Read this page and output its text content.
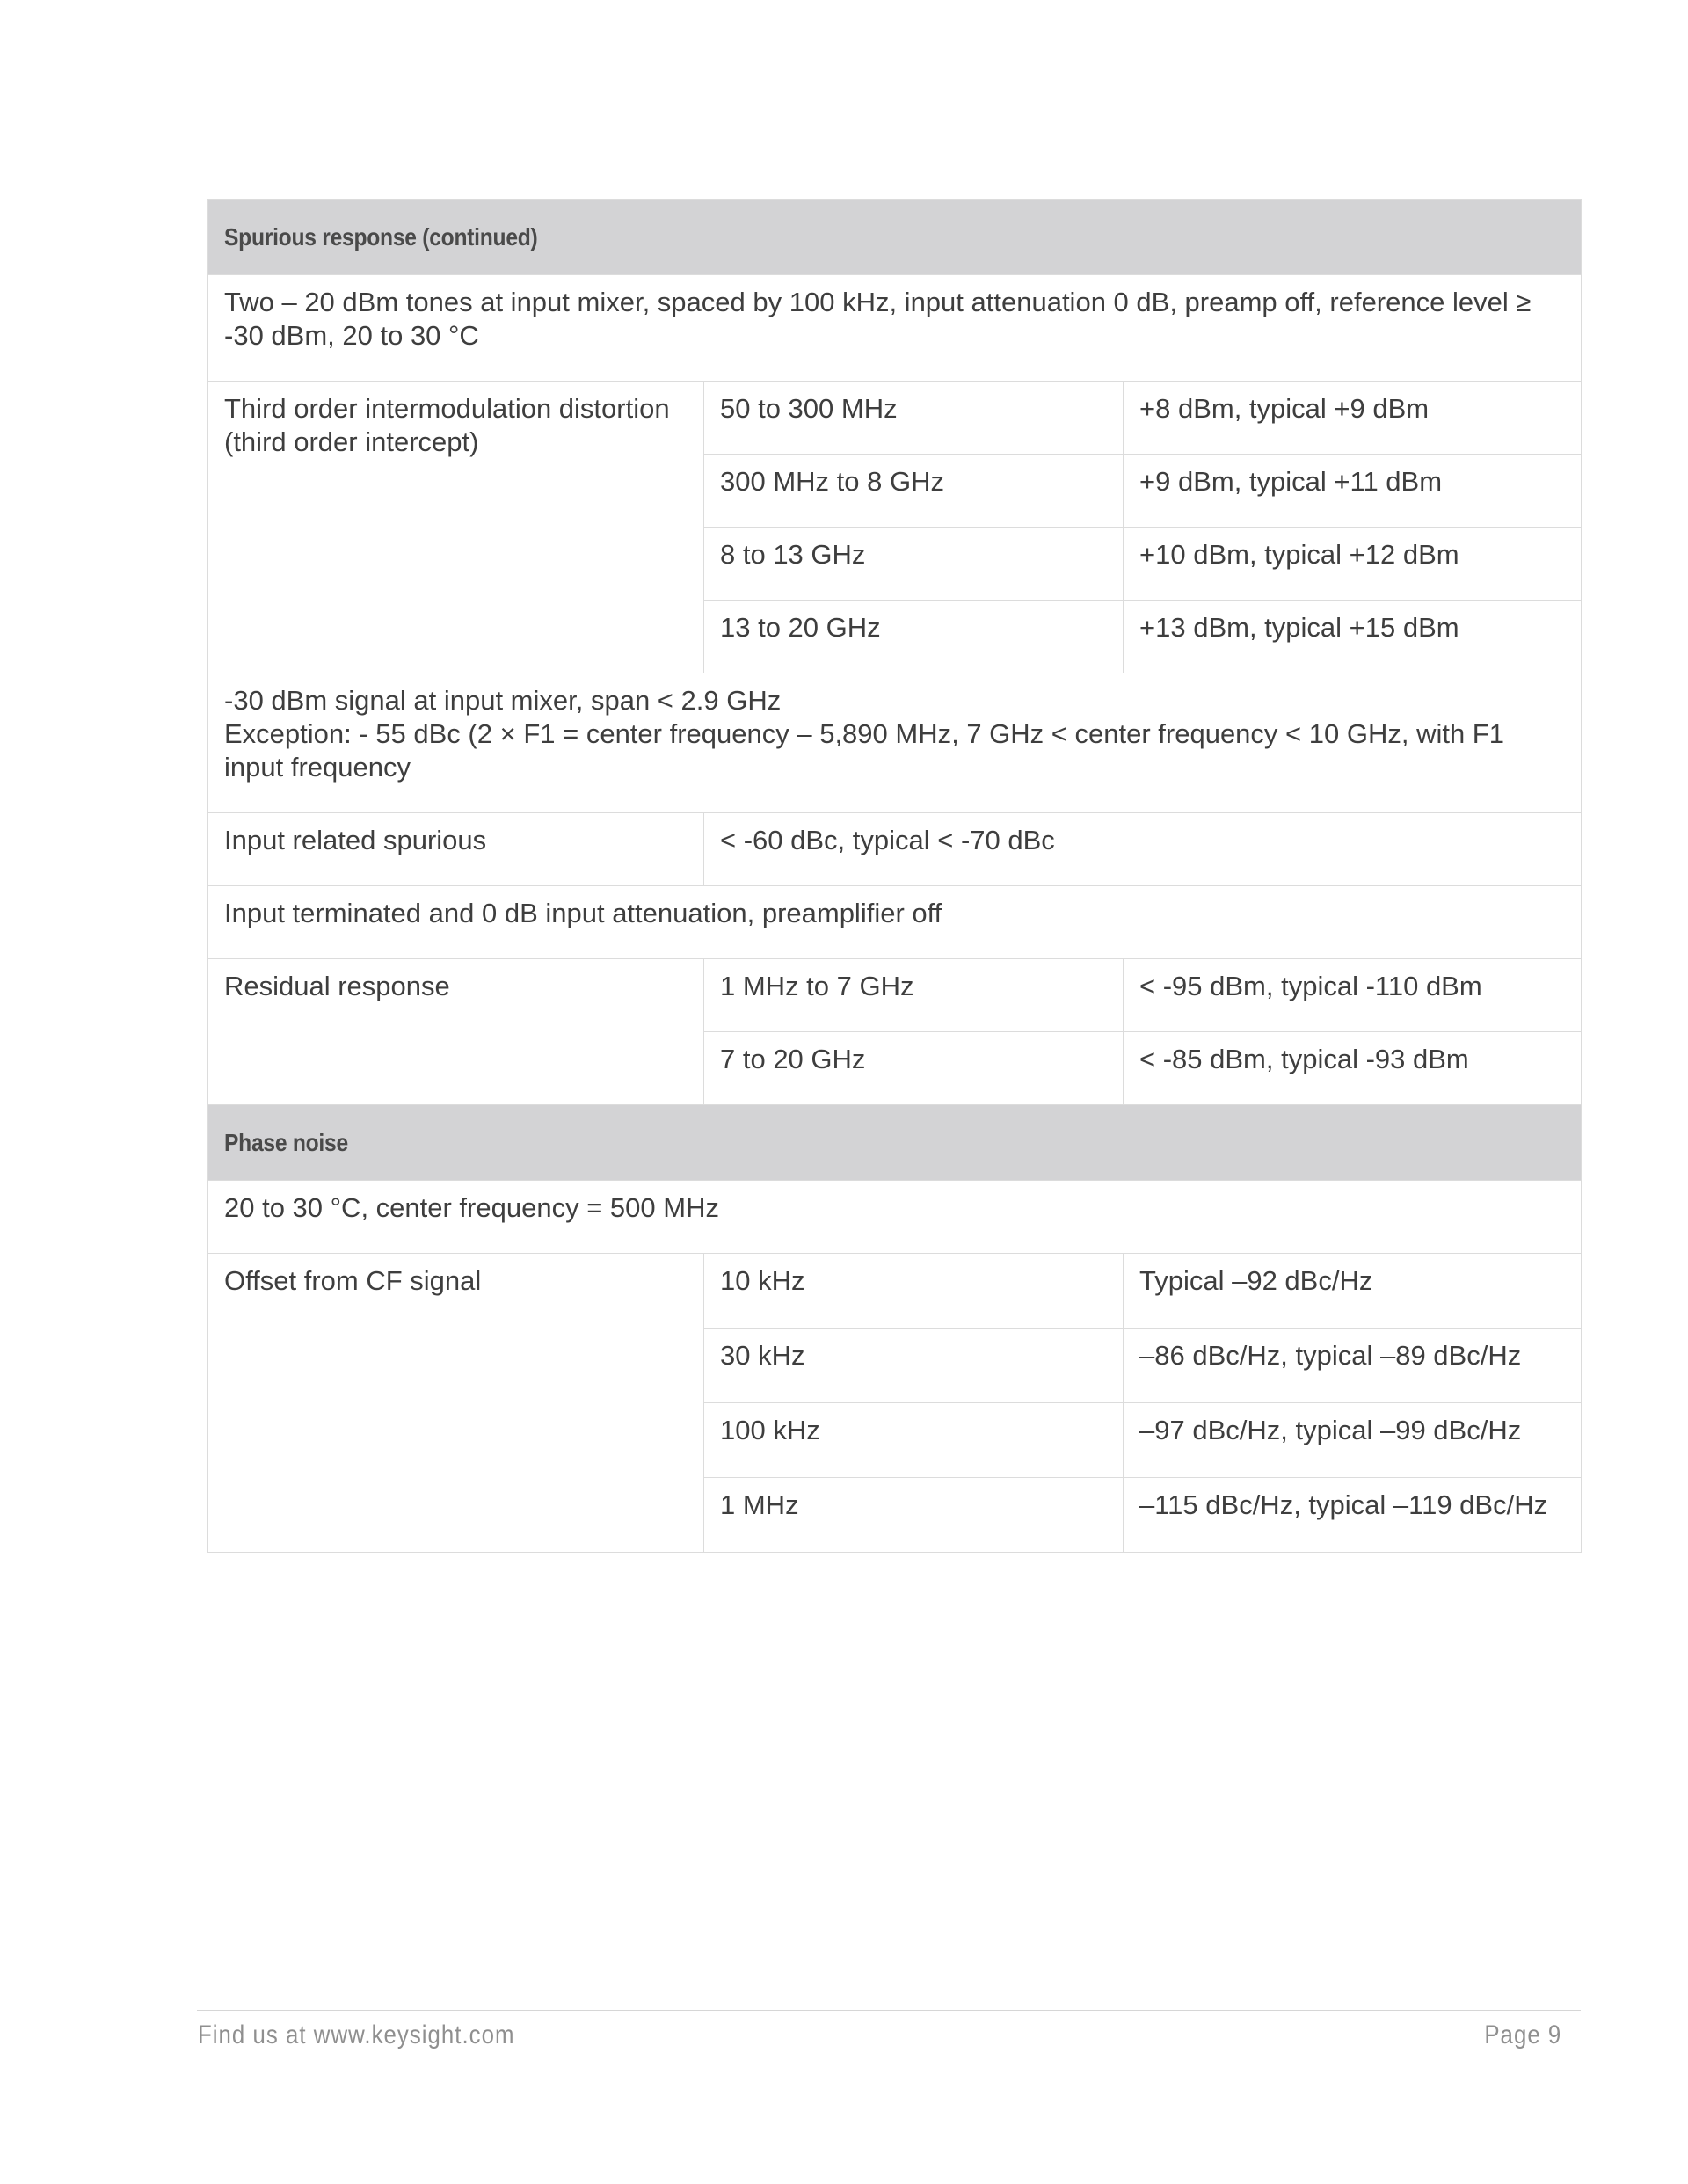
Spurious response (continued)		
Two – 20 dBm tones at input mixer, spaced by 100 kHz, input attenuation 0 dB, preamp off, reference level ≥ -30 dBm, 20 to 30 °C		
Third order intermodulation distortion (third order intercept)	50 to 300 MHz	+8 dBm, typical +9 dBm
	300 MHz to 8 GHz	+9 dBm, typical +11 dBm
	8 to 13 GHz	+10 dBm, typical +12 dBm
	13 to 20 GHz	+13 dBm, typical +15 dBm
-30 dBm signal at input mixer, span < 2.9 GHz
Exception: - 55 dBc (2 × F1 = center frequency – 5,890 MHz, 7 GHz < center frequency < 10 GHz, with F1 input frequency		
Input related spurious	< -60 dBc, typical < -70 dBc	
Input terminated and 0 dB input attenuation, preamplifier off		
Residual response	1 MHz to 7 GHz	< -95 dBm, typical -110 dBm
	7 to 20 GHz	< -85 dBm, typical -93 dBm
Phase noise		
20 to 30 °C, center frequency = 500 MHz		
Offset from CF signal	10 kHz	Typical –92 dBc/Hz
	30 kHz	–86 dBc/Hz, typical –89 dBc/Hz
	100 kHz	–97 dBc/Hz, typical –99 dBc/Hz
	1 MHz	–115 dBc/Hz, typical –119 dBc/Hz
Find us at www.keysight.com	Page 9
